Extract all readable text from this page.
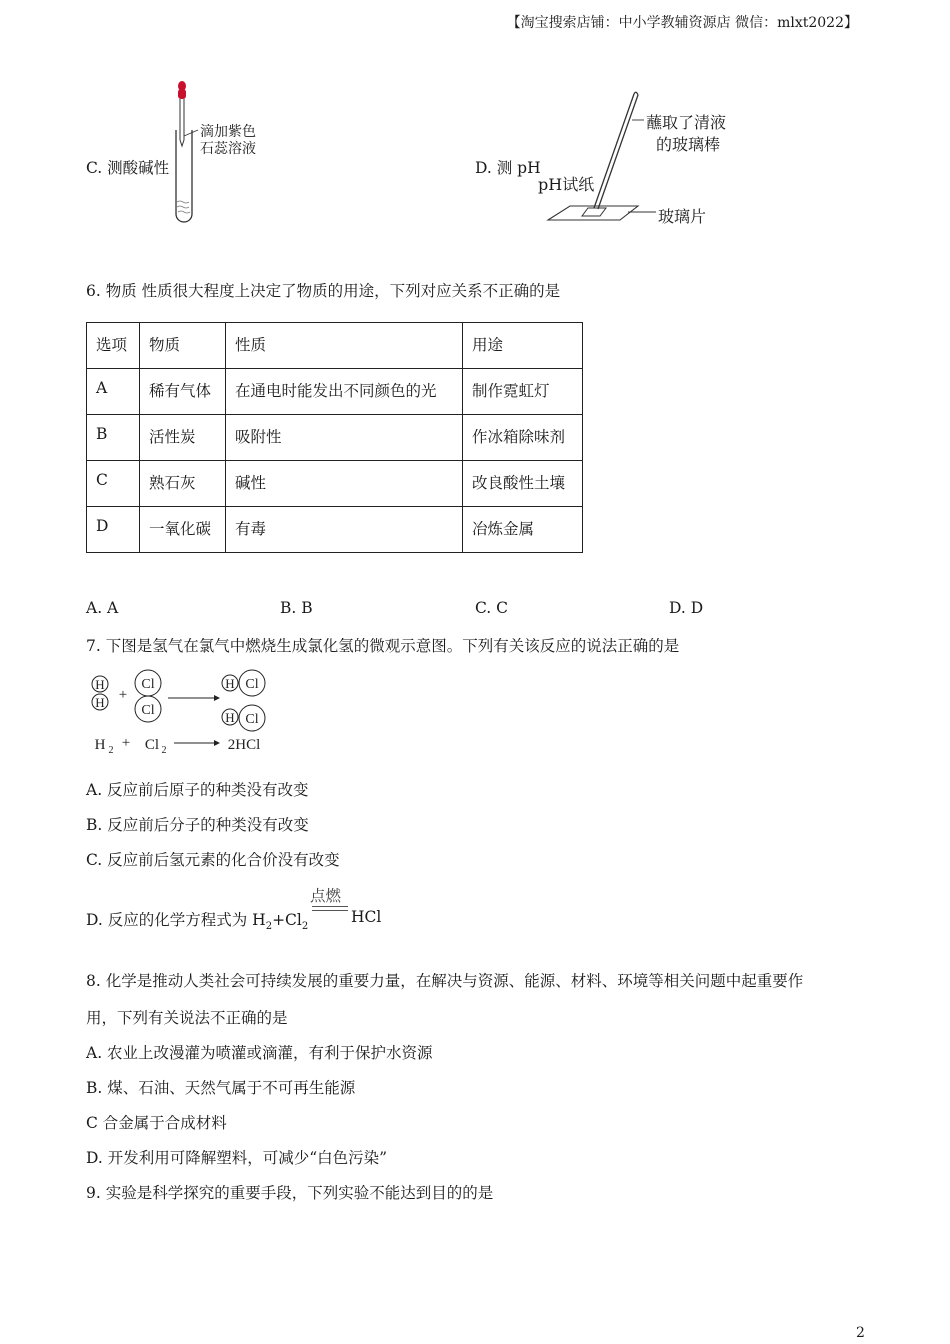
【淘宝搜索店铺：中小学教辅资源店 微信：mlxt2022】
C. 测酸碱性
滴加紫色
石蕊溶液
D. 测 pH
蘸取了清液
的玻璃棒
pH试纸
玻璃片
6. 物质 性质很大程度上决定了物质的用途，下列对应关系不正确的是
选项	物质	性质	用途
A	稀有气体	在通电时能发出不同颜色的光	制作霓虹灯
B	活性炭	吸附性	作冰箱除味剂
C	熟石灰	碱性	改良酸性土壤
D	一氧化碳	有毒	冶炼金属
A. A	B. B	C. C	D. D
7. 下图是氢气在氯气中燃烧生成氯化氢的微观示意图。下列有关该反应的说法正确的是
H
H +
Cl
Cl
H Cl
H Cl
H 2 + Cl 2	2HCl
A. 反应前后原子的种类没有改变
B. 反应前后分子的种类没有改变
C. 反应前后氢元素的化合价没有改变
D. 反应的化学方程式为 $H_2+Cl_2$
点燃
HCl
8. 化学是推动人类社会可持续发展的重要力量，在解决与资源、能源、材料、环境等相关问题中起重要作
用，下列有关说法不正确的是
A. 农业上改漫灌为喷灌或滴灌，有利于保护水资源
B. 煤、石油、天然气属于不可再生能源
C 合金属于合成材料
D. 开发利用可降解塑料，可减少“白色污染”
9. 实验是科学探究的重要手段，下列实验不能达到目的的是
2
